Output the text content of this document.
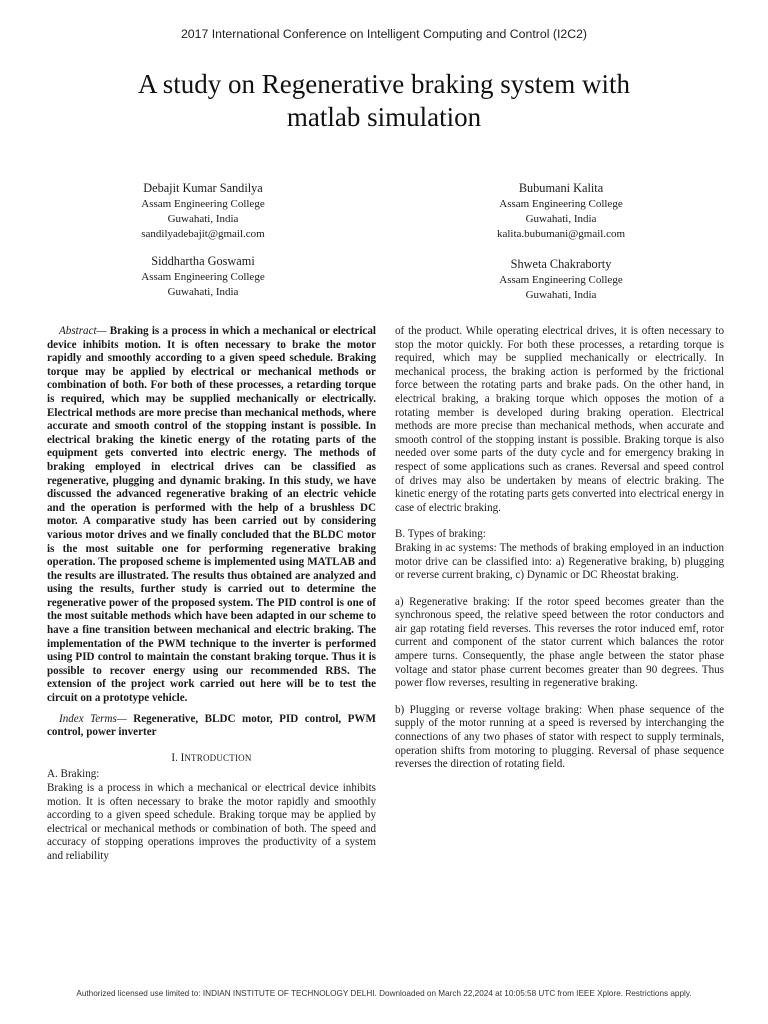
2017 International Conference on Intelligent Computing and Control (I2C2)
A study on Regenerative braking system with
matlab simulation
Debajit Kumar Sandilya
Assam Engineering College
Guwahati, India
sandilyadebajit@gmail.com
Bubumani Kalita
Assam Engineering College
Guwahati, India
kalita.bubumani@gmail.com
Siddhartha Goswami
Assam Engineering College
Guwahati, India
Shweta Chakraborty
Assam Engineering College
Guwahati, India

Abstract— Braking is a process in which a mechanical or electrical device inhibits motion. It is often necessary to brake the motor rapidly and smoothly according to a given speed schedule. Braking torque may be applied by electrical or mechanical methods or combination of both. For both of these processes, a retarding torque is required, which may be supplied mechanically or electrically. Electrical methods are more precise than mechanical methods, where accurate and smooth control of the stopping instant is possible. In electrical braking the kinetic energy of the rotating parts of the equipment gets converted into electric energy. The methods of braking employed in electrical drives can be classified as regenerative, plugging and dynamic braking. In this study, we have discussed the advanced regenerative braking of an electric vehicle and the operation is performed with the help of a brushless DC motor. A comparative study has been carried out by considering various motor drives and we finally concluded that the BLDC motor is the most suitable one for performing regenerative braking operation. The proposed scheme is implemented using MATLAB and the results are illustrated. The results thus obtained are analyzed and using the results, further study is carried out to determine the regenerative power of the proposed system. The PID control is one of the most suitable methods which have been adapted in our scheme to have a fine transition between mechanical and electric braking. The implementation of the PWM technique to the inverter is performed using PID control to maintain the constant braking torque. Thus it is possible to recover energy using our recommended RBS. The extension of the project work carried out here will be to test the circuit on a prototype vehicle.

Index Terms— Regenerative, BLDC motor, PID control, PWM control, power inverter

I. INTRODUCTION

A. Braking:

Braking is a process in which a mechanical or electrical device inhibits motion. It is often necessary to brake the motor rapidly and smoothly according to a given speed schedule. Braking torque may be applied by electrical or mechanical methods or combination of both. The speed and accuracy of stopping operations improves the productivity of a system and reliability

of the product. While operating electrical drives, it is often necessary to stop the motor quickly. For both these processes, a retarding torque is required, which may be supplied mechanically or electrically. In mechanical process, the braking action is performed by the frictional force between the rotating parts and brake pads. On the other hand, in electrical braking, a braking torque which opposes the motion of a rotating member is developed during braking operation. Electrical methods are more precise than mechanical methods, when accurate and smooth control of the stopping instant is possible. Braking torque is also needed over some parts of the duty cycle and for emergency braking in respect of some applications such as cranes. Reversal and speed control of drives may also be undertaken by means of electric braking. The kinetic energy of the rotating parts gets converted into electrical energy in case of electric braking.

B. Types of braking:

Braking in ac systems: The methods of braking employed in an induction motor drive can be classified into: a) Regenerative braking, b) plugging or reverse current braking, c) Dynamic or DC Rheostat braking.

a) Regenerative braking: If the rotor speed becomes greater than the synchronous speed, the relative speed between the rotor conductors and air gap rotating field reverses. This reverses the rotor induced emf, rotor current and component of the stator current which balances the rotor ampere turns. Consequently, the phase angle between the stator phase voltage and stator phase current becomes greater than 90 degrees. Thus power flow reverses, resulting in regenerative braking.

b) Plugging or reverse voltage braking: When phase sequence of the supply of the motor running at a speed is reversed by interchanging the connections of any two phases of stator with respect to supply terminals, operation shifts from motoring to plugging. Reversal of phase sequence reverses the direction of rotating field.

Authorized licensed use limited to: INDIAN INSTITUTE OF TECHNOLOGY DELHI. Downloaded on March 22,2024 at 10:05:58 UTC from IEEE Xplore. Restrictions apply.
